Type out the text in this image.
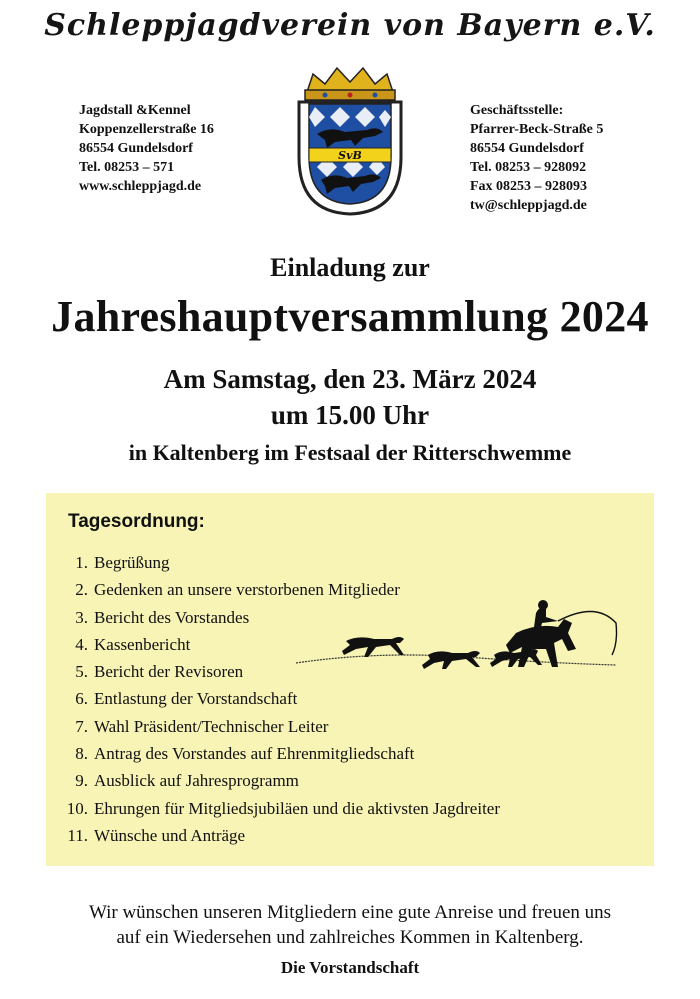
Schleppjagdverein von Bayern e.V.
Jagdstall &Kennel
Koppenzellerstraße 16
86554 Gundelsdorf
Tel. 08253 – 571
www.schleppjagd.de
SvB
Geschäftsstelle:
Pfarrer-Beck-Straße 5
86554 Gundelsdorf
Tel. 08253 – 928092
Fax 08253 – 928093
tw@schleppjagd.de
Einladung zur
Jahreshauptversammlung 2024
Am Samstag, den 23. März 2024
um 15.00 Uhr
in Kaltenberg im Festsaal der Ritterschwemme
Tagesordnung:
1. Begrüßung
2. Gedenken an unsere verstorbenen Mitglieder
3. Bericht des Vorstandes
4. Kassenbericht
5. Bericht der Revisoren
6. Entlastung der Vorstandschaft
7. Wahl Präsident/Technischer Leiter
8. Antrag des Vorstandes auf Ehrenmitgliedschaft
9. Ausblick auf Jahresprogramm
10. Ehrungen für Mitgliedsjubiläen und die aktivsten Jagdreiter
11. Wünsche und Anträge
Wir wünschen unseren Mitgliedern eine gute Anreise und freuen uns
auf ein Wiedersehen und zahlreiches Kommen in Kaltenberg.
Die Vorstandschaft
